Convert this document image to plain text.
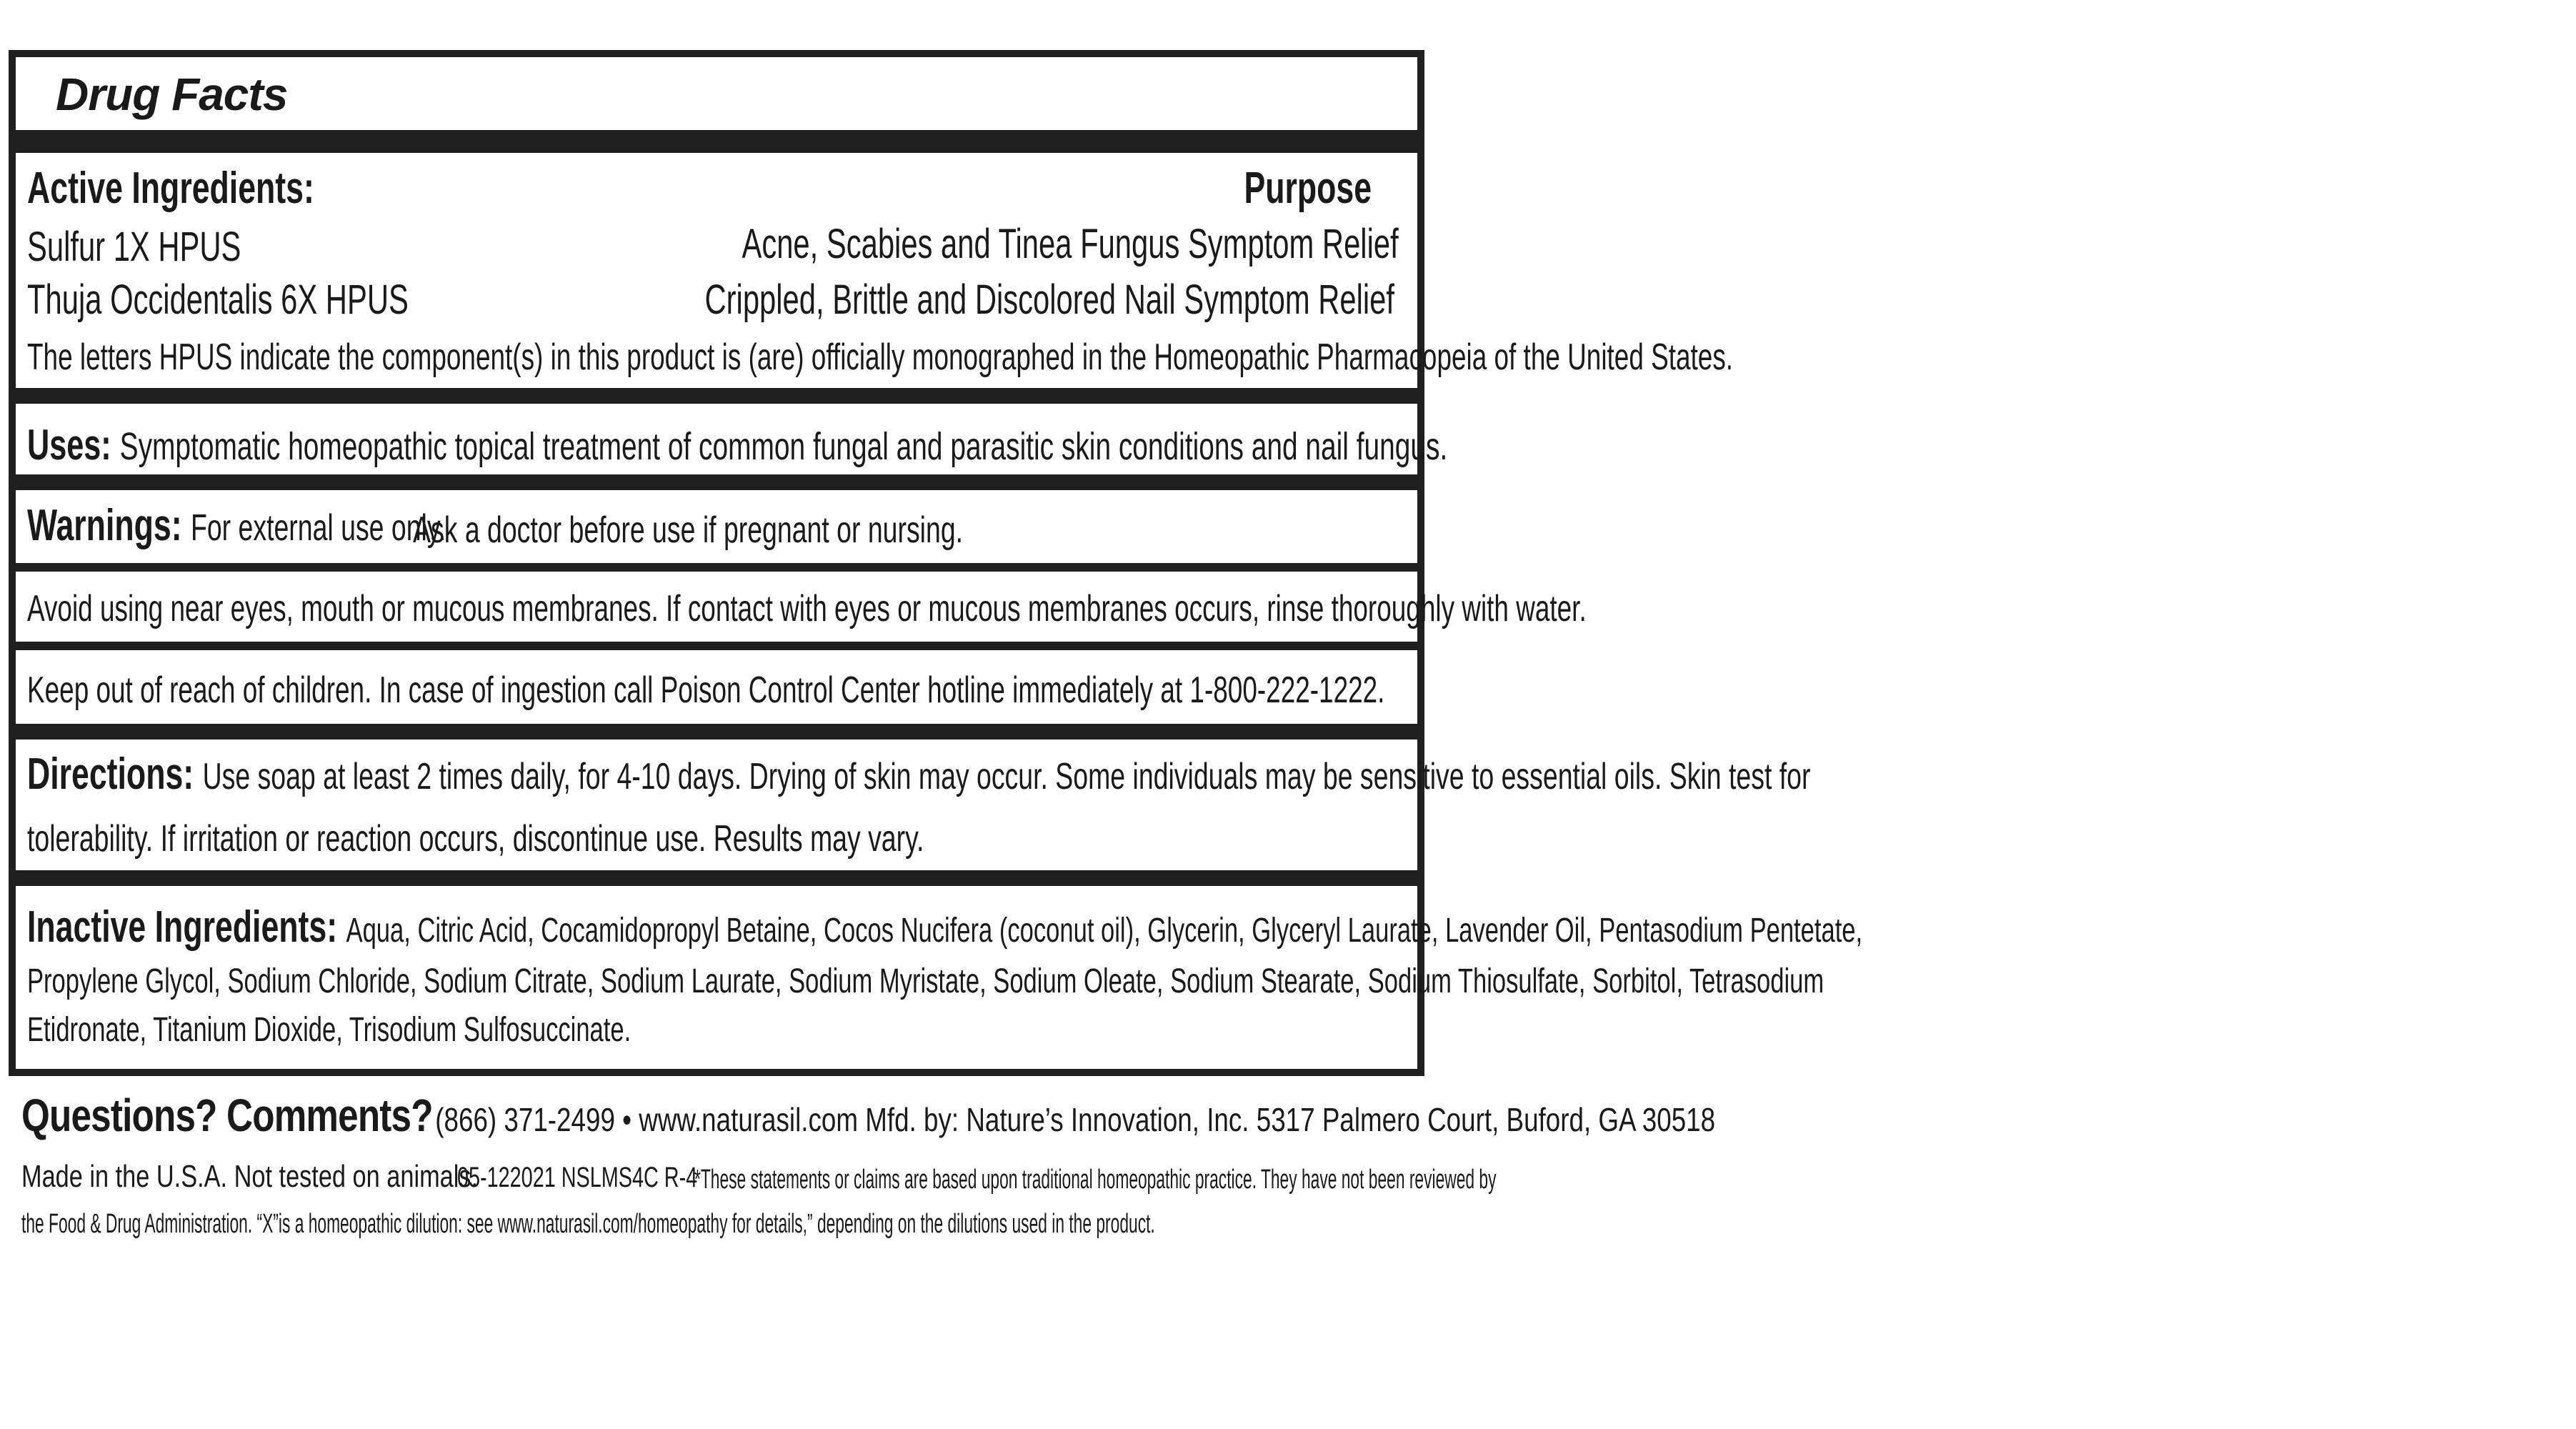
Drug Facts
Active Ingredients:	Purpose
Sulfur 1X HPUS	Acne, Scabies and Tinea Fungus Symptom Relief
Thuja Occidentalis 6X HPUS	Crippled, Brittle and Discolored Nail Symptom Relief
The letters HPUS indicate the component(s) in this product is (are) officially monographed in the Homeopathic Pharmacopeia of the United States.
Uses: Symptomatic homeopathic topical treatment of common fungal and parasitic skin conditions and nail fungus.
Warnings: For external use only.
Ask a doctor before use if pregnant or nursing.
Avoid using near eyes, mouth or mucous membranes. If contact with eyes or mucous membranes occurs, rinse thoroughly with water.
Keep out of reach of children. In case of ingestion call Poison Control Center hotline immediately at 1-800-222-1222.
Directions: Use soap at least 2 times daily, for 4-10 days. Drying of skin may occur. Some individuals may be sensitive to essential oils. Skin test for
tolerability. If irritation or reaction occurs, discontinue use. Results may vary.
Inactive Ingredients: Aqua, Citric Acid, Cocamidopropyl Betaine, Cocos Nucifera (coconut oil), Glycerin, Glyceryl Laurate, Lavender Oil, Pentasodium Pentetate,
Propylene Glycol, Sodium Chloride, Sodium Citrate, Sodium Laurate, Sodium Myristate, Sodium Oleate, Sodium Stearate, Sodium Thiosulfate, Sorbitol, Tetrasodium
Etidronate, Titanium Dioxide, Trisodium Sulfosuccinate.
Questions? Comments? (866) 371-2499 • www.naturasil.com Mfd. by: Nature’s Innovation, Inc. 5317 Palmero Court, Buford, GA 30518
Made in the U.S.A. Not tested on animals.
05-122021 NSLMS4C R-4
*These statements or claims are based upon traditional homeopathic practice. They have not been reviewed by
the Food & Drug Administration. “X”is a homeopathic dilution: see www.naturasil.com/homeopathy for details,” depending on the dilutions used in the product.
